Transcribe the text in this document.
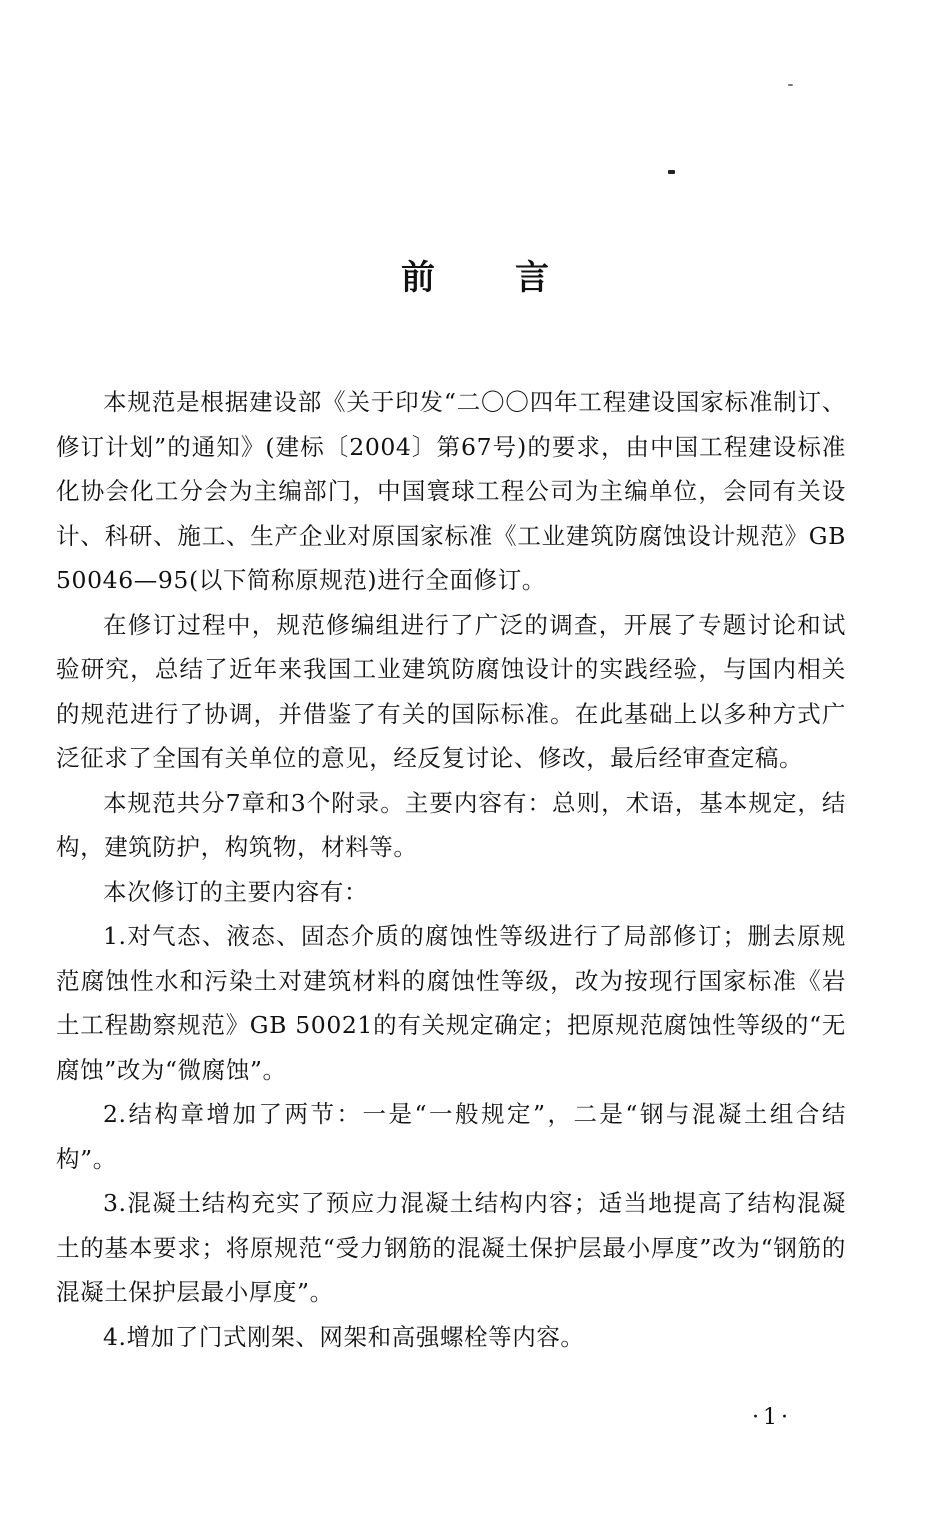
前言

本规范是根据建设部《关于印发“二〇〇四年工程建设国家标准制订、修订计划”的通知》(建标〔2004〕第67号)的要求，由中国工程建设标准化协会化工分会为主编部门，中国寰球工程公司为主编单位，会同有关设计、科研、施工、生产企业对原国家标准《工业建筑防腐蚀设计规范》GB 50046—95(以下简称原规范)进行全面修订。

在修订过程中，规范修编组进行了广泛的调查，开展了专题讨论和试验研究，总结了近年来我国工业建筑防腐蚀设计的实践经验，与国内相关的规范进行了协调，并借鉴了有关的国际标准。在此基础上以多种方式广泛征求了全国有关单位的意见，经反复讨论、修改，最后经审查定稿。

本规范共分7章和3个附录。主要内容有：总则，术语，基本规定，结构，建筑防护，构筑物，材料等。

本次修订的主要内容有：

1.对气态、液态、固态介质的腐蚀性等级进行了局部修订；删去原规范腐蚀性水和污染土对建筑材料的腐蚀性等级，改为按现行国家标准《岩土工程勘察规范》GB 50021的有关规定确定；把原规范腐蚀性等级的“无腐蚀”改为“微腐蚀”。

2.结构章增加了两节：一是“一般规定”，二是“钢与混凝土组合结构”。

3.混凝土结构充实了预应力混凝土结构内容；适当地提高了结构混凝土的基本要求；将原规范“受力钢筋的混凝土保护层最小厚度”改为“钢筋的混凝土保护层最小厚度”。

4.增加了门式刚架、网架和高强螺栓等内容。

·1·
